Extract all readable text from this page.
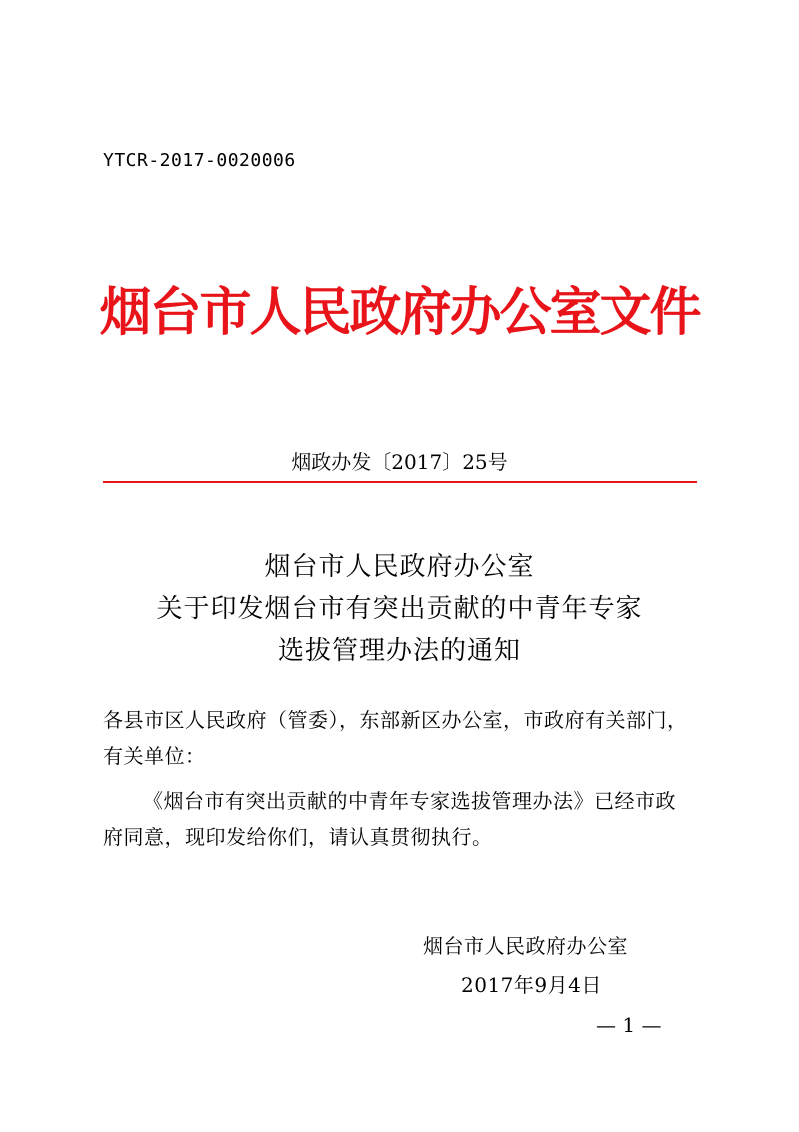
YTCR-2017-0020006

烟台市人民政府办公室文件

烟政办发〔2017〕25号

烟台市人民政府办公室

关于印发烟台市有突出贡献的中青年专家

选拔管理办法的通知

各县市区人民政府（管委），东部新区办公室，市政府有关部门，

有关单位：

《烟台市有突出贡献的中青年专家选拔管理办法》已经市政

府同意，现印发给你们，请认真贯彻执行。

烟台市人民政府办公室

2017年9月4日

— 1 —
